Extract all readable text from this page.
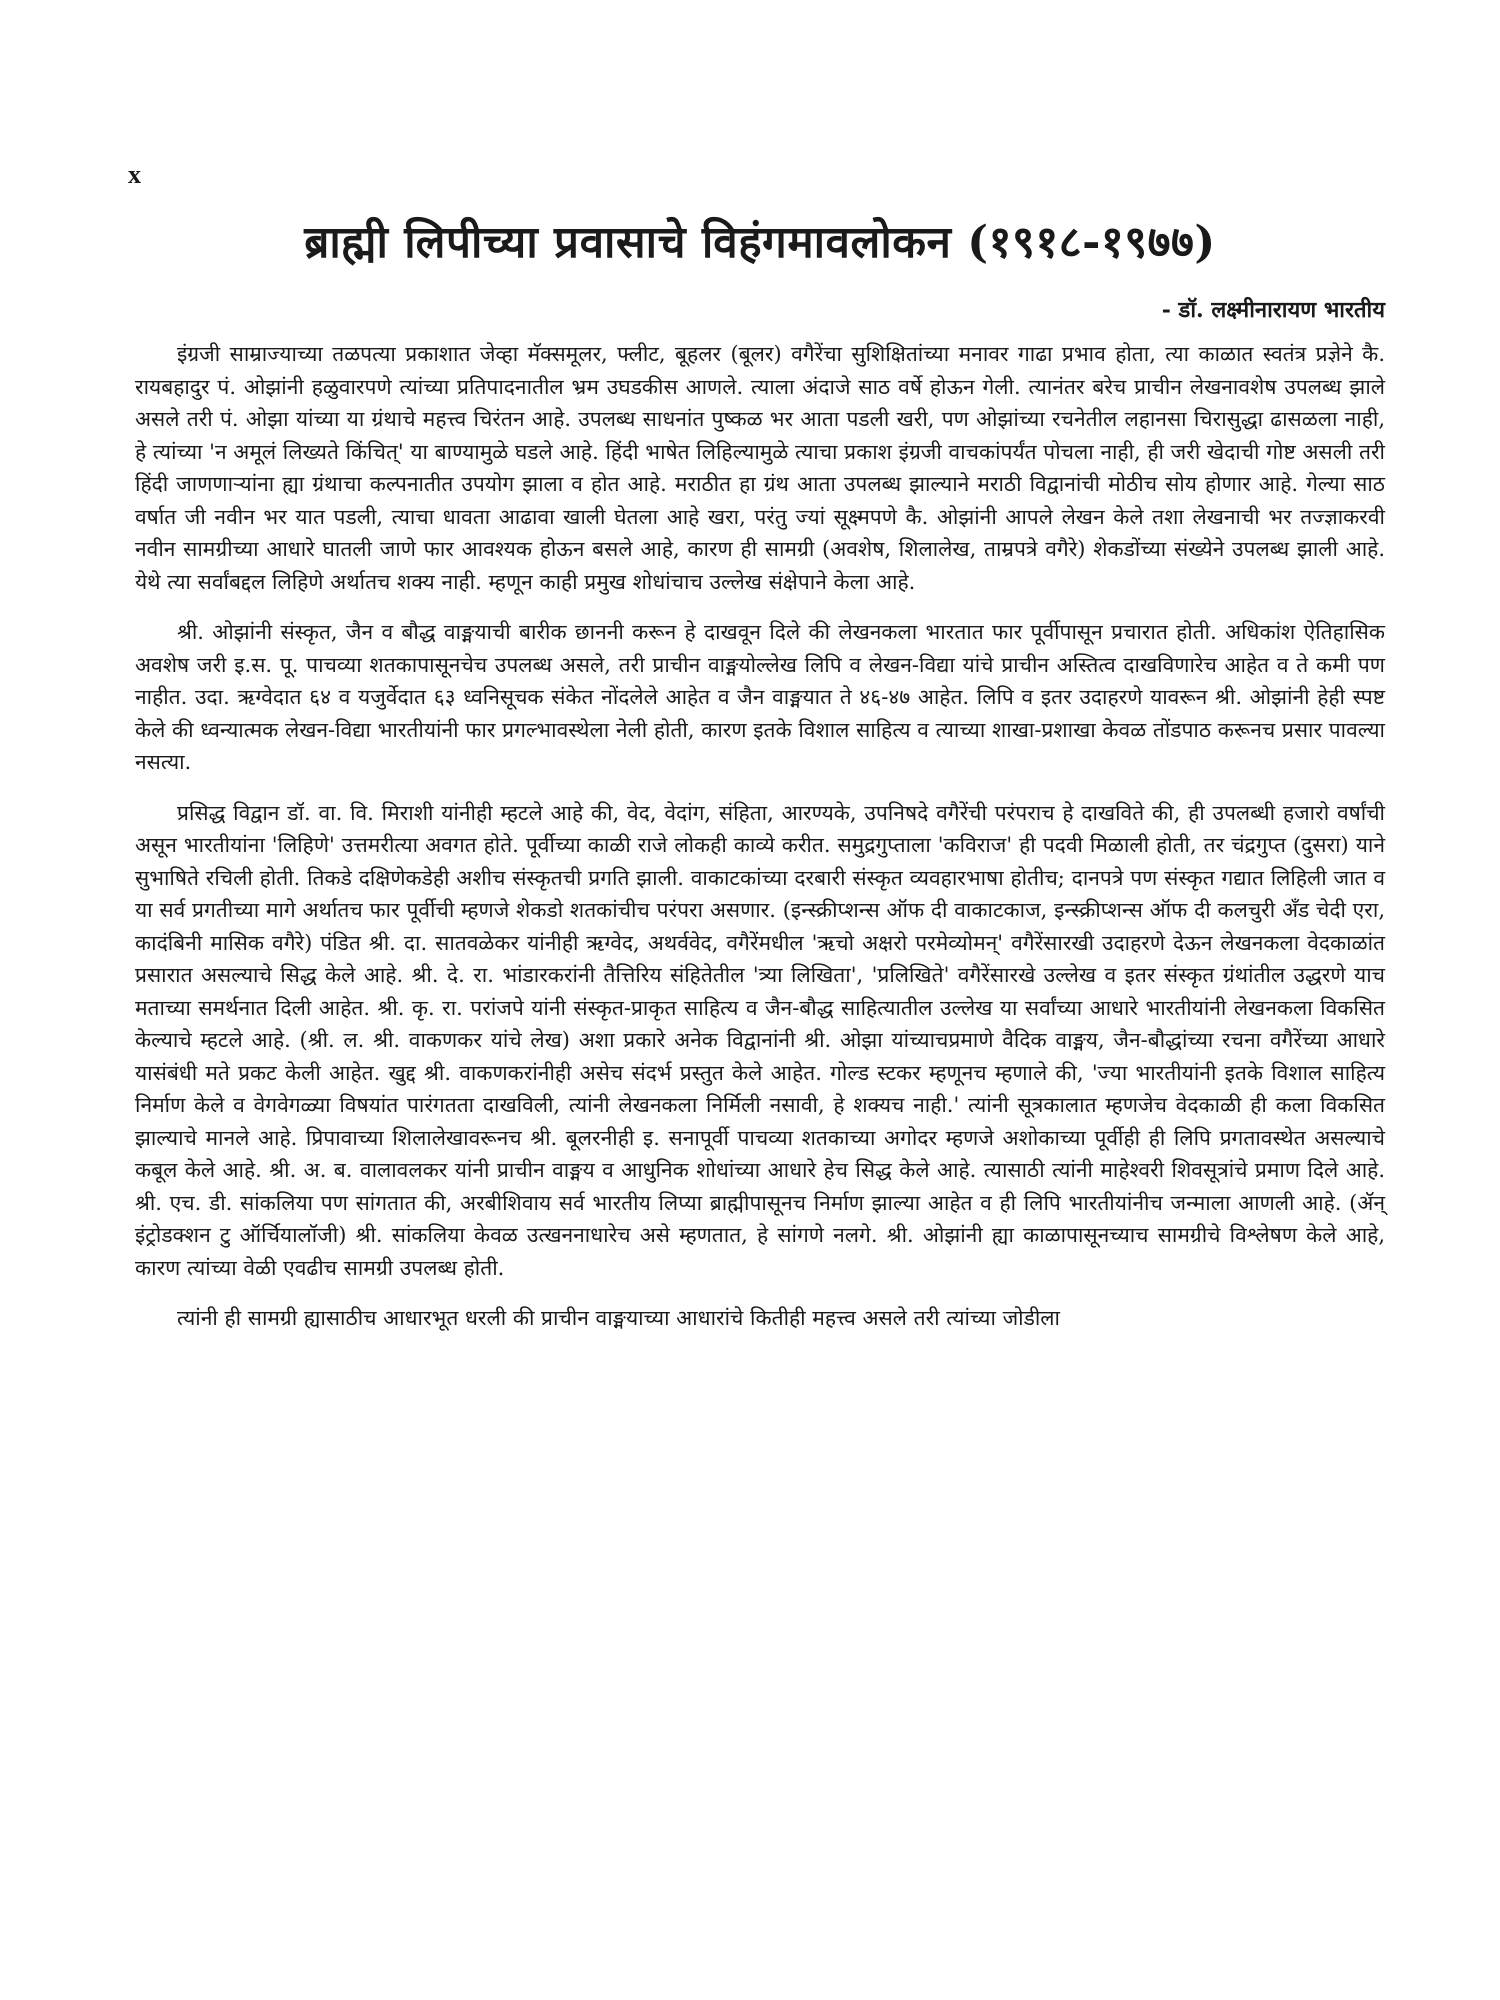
x
ब्राह्मी लिपीच्या प्रवासाचे विहंगमावलोकन (१९१८-१९७७)
- डॉ. लक्ष्मीनारायण भारतीय

इंग्रजी साम्राज्याच्या तळपत्या प्रकाशात जेव्हा मॅक्समूलर, फ्लीट, बूहलर (बूलर) वगैरेंचा सुशिक्षितांच्या मनावर गाढा प्रभाव होता, त्या काळात स्वतंत्र प्रज्ञेने कै. रायबहादुर पं. ओझांनी हळुवारपणे त्यांच्या प्रतिपादनातील भ्रम उघडकीस आणले. त्याला अंदाजे साठ वर्षे होऊन गेली. त्यानंतर बरेच प्राचीन लेखनावशेष उपलब्ध झाले असले तरी पं. ओझा यांच्या या ग्रंथाचे महत्त्व चिरंतन आहे. उपलब्ध साधनांत पुष्कळ भर आता पडली खरी, पण ओझांच्या रचनेतील लहानसा चिरासुद्धा ढासळला नाही, हे त्यांच्या 'न अमूलं लिख्यते किंचित्' या बाण्यामुळे घडले आहे. हिंदी भाषेत लिहिल्यामुळे त्याचा प्रकाश इंग्रजी वाचकांपर्यंत पोचला नाही, ही जरी खेदाची गोष्ट असली तरी हिंदी जाणणाऱ्यांना ह्या ग्रंथाचा कल्पनातीत उपयोग झाला व होत आहे. मराठीत हा ग्रंथ आता उपलब्ध झाल्याने मराठी विद्वानांची मोठीच सोय होणार आहे. गेल्या साठ वर्षात जी नवीन भर यात पडली, त्याचा धावता आढावा खाली घेतला आहे खरा, परंतु ज्यां सूक्ष्मपणे कै. ओझांनी आपले लेखन केले तशा लेखनाची भर तज्ज्ञाकरवी नवीन सामग्रीच्या आधारे घातली जाणे फार आवश्यक होऊन बसले आहे, कारण ही सामग्री (अवशेष, शिलालेख, ताम्रपत्रे वगैरे) शेकडोंच्या संख्येने उपलब्ध झाली आहे. येथे त्या सर्वांबद्दल लिहिणे अर्थातच शक्य नाही. म्हणून काही प्रमुख शोधांचाच उल्लेख संक्षेपाने केला आहे.

श्री. ओझांनी संस्कृत, जैन व बौद्ध वाङ्मयाची बारीक छाननी करून हे दाखवून दिले की लेखनकला भारतात फार पूर्वीपासून प्रचारात होती. अधिकांश ऐतिहासिक अवशेष जरी इ.स. पू. पाचव्या शतकापासूनचेच उपलब्ध असले, तरी प्राचीन वाङ्मयोल्लेख लिपि व लेखन-विद्या यांचे प्राचीन अस्तित्व दाखविणारेच आहेत व ते कमी पण नाहीत. उदा. ऋग्वेदात ६४ व यजुर्वेदात ६३ ध्वनिसूचक संकेत नोंदलेले आहेत व जैन वाङ्मयात ते ४६-४७ आहेत. लिपि व इतर उदाहरणे यावरून श्री. ओझांनी हेही स्पष्ट केले की ध्वन्यात्मक लेखन-विद्या भारतीयांनी फार प्रगल्भावस्थेला नेली होती, कारण इतके विशाल साहित्य व त्याच्या शाखा-प्रशाखा केवळ तोंडपाठ करूनच प्रसार पावल्या नसत्या.

प्रसिद्ध विद्वान डॉ. वा. वि. मिराशी यांनीही म्हटले आहे की, वेद, वेदांग, संहिता, आरण्यके, उपनिषदे वगैरेंची परंपराच हे दाखविते की, ही उपलब्धी हजारो वर्षांची असून भारतीयांना 'लिहिणे' उत्तमरीत्या अवगत होते. पूर्वीच्या काळी राजे लोकही काव्ये करीत. समुद्रगुप्ताला 'कविराज' ही पदवी मिळाली होती, तर चंद्रगुप्त (दुसरा) याने सुभाषिते रचिली होती. तिकडे दक्षिणेकडेही अशीच संस्कृतची प्रगति झाली. वाकाटकांच्या दरबारी संस्कृत व्यवहारभाषा होतीच; दानपत्रे पण संस्कृत गद्यात लिहिली जात व या सर्व प्रगतीच्या मागे अर्थातच फार पूर्वीची म्हणजे शेकडो शतकांचीच परंपरा असणार. (इन्स्क्रीप्शन्स ऑफ दी वाकाटकाज, इन्स्क्रीप्शन्स ऑफ दी कलचुरी अँड चेदी एरा, कादंबिनी मासिक वगैरे) पंडित श्री. दा. सातवळेकर यांनीही ऋग्वेद, अथर्ववेद, वगैरेंमधील 'ऋचो अक्षरो परमेव्योमन्' वगैरेंसारखी उदाहरणे देऊन लेखनकला वेदकाळांत प्रसारात असल्याचे सिद्ध केले आहे. श्री. दे. रा. भांडारकरांनी तैत्तिरिय संहितेतील 'त्र्या लिखिता', 'प्रलिखिते' वगैरेंसारखे उल्लेख व इतर संस्कृत ग्रंथांतील उद्धरणे याच मताच्या समर्थनात दिली आहेत. श्री. कृ. रा. परांजपे यांनी संस्कृत-प्राकृत साहित्य व जैन-बौद्ध साहित्यातील उल्लेख या सर्वांच्या आधारे भारतीयांनी लेखनकला विकसित केल्याचे म्हटले आहे. (श्री. ल. श्री. वाकणकर यांचे लेख) अशा प्रकारे अनेक विद्वानांनी श्री. ओझा यांच्याचप्रमाणे वैदिक वाङ्मय, जैन-बौद्धांच्या रचना वगैरेंच्या आधारे यासंबंधी मते प्रकट केली आहेत. खुद्द श्री. वाकणकरांनीही असेच संदर्भ प्रस्तुत केले आहेत. गोल्ड स्टकर म्हणूनच म्हणाले की, 'ज्या भारतीयांनी इतके विशाल साहित्य निर्माण केले व वेगवेगळ्या विषयांत पारंगतता दाखविली, त्यांनी लेखनकला निर्मिली नसावी, हे शक्यच नाही.' त्यांनी सूत्रकालात म्हणजेच वेदकाळी ही कला विकसित झाल्याचे मानले आहे. प्रिपावाच्या शिलालेखावरूनच श्री. बूलरनीही इ. सनापूर्वी पाचव्या शतकाच्या अगोदर म्हणजे अशोकाच्या पूर्वीही ही लिपि प्रगतावस्थेत असल्याचे कबूल केले आहे. श्री. अ. ब. वालावलकर यांनी प्राचीन वाङ्मय व आधुनिक शोधांच्या आधारे हेच सिद्ध केले आहे. त्यासाठी त्यांनी माहेश्वरी शिवसूत्रांचे प्रमाण दिले आहे. श्री. एच. डी. सांकलिया पण सांगतात की, अरबीशिवाय सर्व भारतीय लिप्या ब्राह्मीपासूनच निर्माण झाल्या आहेत व ही लिपि भारतीयांनीच जन्माला आणली आहे. (ॲन् इंट्रोडक्शन टु ऑर्चियालॉजी) श्री. सांकलिया केवळ उत्खननाधारेच असे म्हणतात, हे सांगणे नलगे. श्री. ओझांनी ह्या काळापासूनच्याच सामग्रीचे विश्लेषण केले आहे, कारण त्यांच्या वेळी एवढीच सामग्री उपलब्ध होती.

त्यांनी ही सामग्री ह्यासाठीच आधारभूत धरली की प्राचीन वाङ्मयाच्या आधारांचे कितीही महत्त्व असले तरी त्यांच्या जोडीला
